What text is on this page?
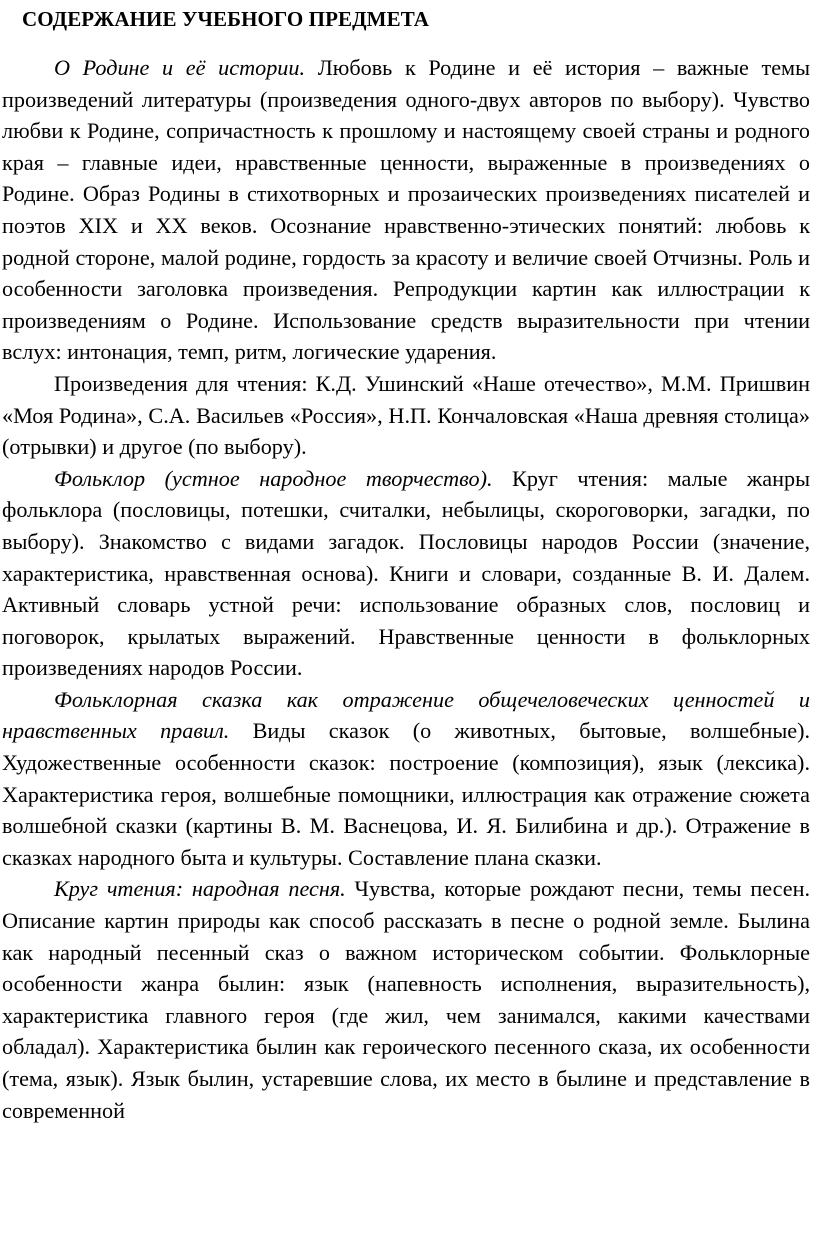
СОДЕРЖАНИЕ УЧЕБНОГО ПРЕДМЕТА

О Родине и её истории. Любовь к Родине и её история – важные темы произведений литературы (произведения одного-двух авторов по выбору). Чувство любви к Родине, сопричастность к прошлому и настоящему своей страны и родного края – главные идеи, нравственные ценности, выраженные в произведениях о Родине. Образ Родины в стихотворных и прозаических произведениях писателей и поэтов XIX и XX веков. Осознание нравственно-этических понятий: любовь к родной стороне, малой родине, гордость за красоту и величие своей Отчизны. Роль и особенности заголовка произведения. Репродукции картин как иллюстрации к произведениям о Родине. Использование средств выразительности при чтении вслух: интонация, темп, ритм, логические ударения.

Произведения для чтения: К.Д. Ушинский «Наше отечество», М.М. Пришвин «Моя Родина», С.А. Васильев «Россия», Н.П. Кончаловская «Наша древняя столица» (отрывки) и другое (по выбору).

Фольклор (устное народное творчество). Круг чтения: малые жанры фольклора (пословицы, потешки, считалки, небылицы, скороговорки, загадки, по выбору). Знакомство с видами загадок. Пословицы народов России (значение, характеристика, нравственная основа). Книги и словари, созданные В. И. Далем. Активный словарь устной речи: использование образных слов, пословиц и поговорок, крылатых выражений. Нравственные ценности в фольклорных произведениях народов России.

Фольклорная сказка как отражение общечеловеческих ценностей и нравственных правил. Виды сказок (о животных, бытовые, волшебные). Художественные особенности сказок: построение (композиция), язык (лексика). Характеристика героя, волшебные помощники, иллюстрация как отражение сюжета волшебной сказки (картины В. М. Васнецова, И. Я. Билибина и др.). Отражение в сказках народного быта и культуры. Составление плана сказки.

Круг чтения: народная песня. Чувства, которые рождают песни, темы песен. Описание картин природы как способ рассказать в песне о родной земле. Былина как народный песенный сказ о важном историческом событии. Фольклорные особенности жанра былин: язык (напевность исполнения, выразительность), характеристика главного героя (где жил, чем занимался, какими качествами обладал). Характеристика былин как героического песенного сказа, их особенности (тема, язык). Язык былин, устаревшие слова, их место в былине и представление в современной
